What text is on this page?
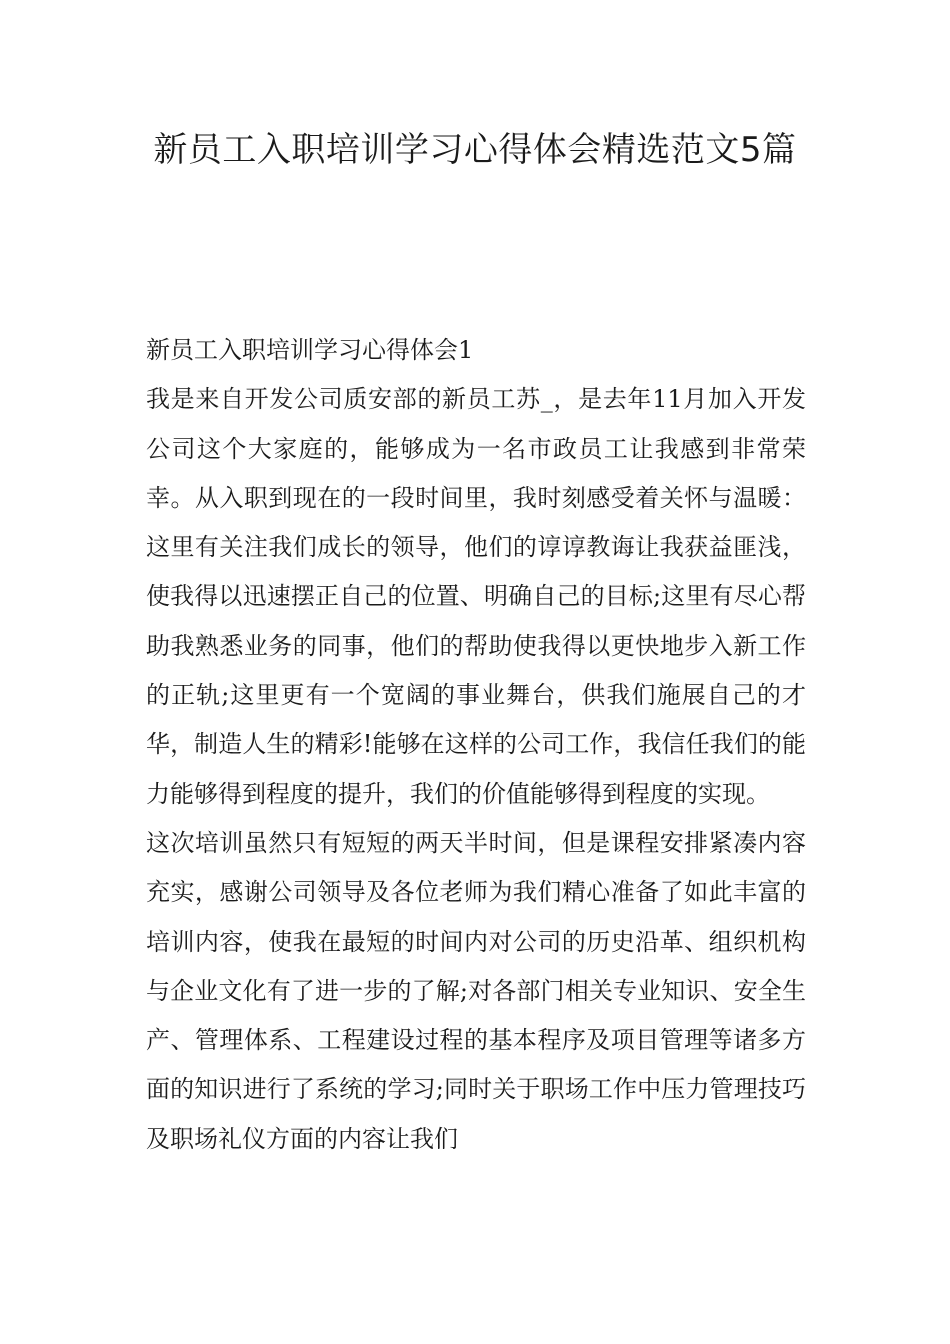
新员工入职培训学习心得体会精选范文5篇

新员工入职培训学习心得体会1

我是来自开发公司质安部的新员工苏_，是去年11月加入开发公司这个大家庭的，能够成为一名市政员工让我感到非常荣幸。从入职到现在的一段时间里，我时刻感受着关怀与温暖：这里有关注我们成长的领导，他们的谆谆教诲让我获益匪浅，使我得以迅速摆正自己的位置、明确自己的目标;这里有尽心帮助我熟悉业务的同事，他们的帮助使我得以更快地步入新工作的正轨;这里更有一个宽阔的事业舞台，供我们施展自己的才华，制造人生的精彩!能够在这样的公司工作，我信任我们的能力能够得到程度的提升，我们的价值能够得到程度的实现。

这次培训虽然只有短短的两天半时间，但是课程安排紧凑内容充实，感谢公司领导及各位老师为我们精心准备了如此丰富的培训内容，使我在最短的时间内对公司的历史沿革、组织机构与企业文化有了进一步的了解;对各部门相关专业知识、安全生产、管理体系、工程建设过程的基本程序及项目管理等诸多方面的知识进行了系统的学习;同时关于职场工作中压力管理技巧及职场礼仪方面的内容让我们
